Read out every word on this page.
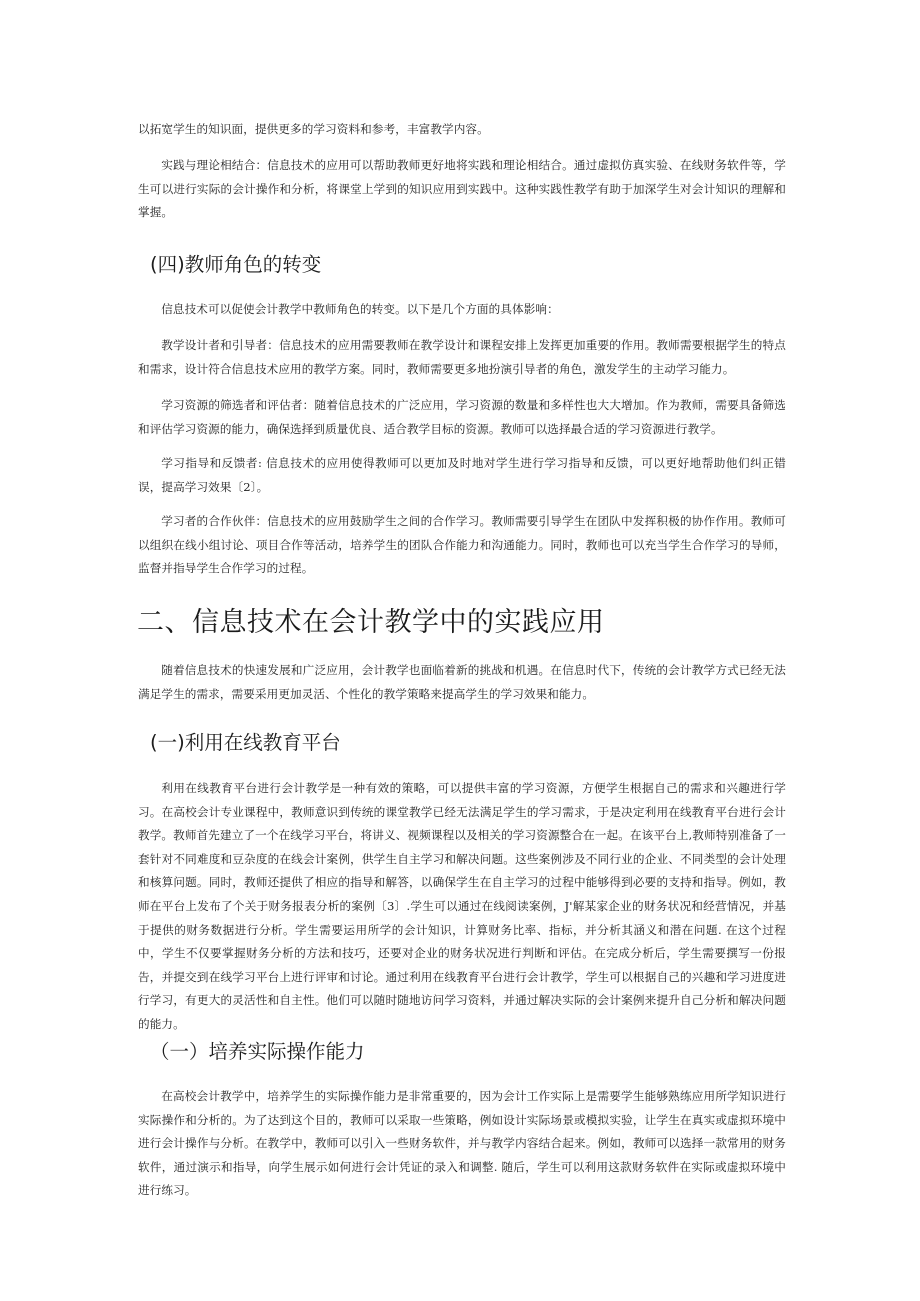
以拓宽学生的知识面，提供更多的学习资料和参考，丰富教学内容。

实践与理论相结合：信息技术的应用可以帮助教师更好地将实践和理论相结合。通过虚拟仿真实验、在线财务软件等，学生可以进行实际的会计操作和分析，将课堂上学到的知识应用到实践中。这种实践性教学有助于加深学生对会计知识的理解和掌握。

(四)教师角色的转变

信息技术可以促使会计教学中教师角色的转变。以下是几个方面的具体影响：

教学设计者和引导者：信息技术的应用需要教师在教学设计和课程安排上发挥更加重要的作用。教师需要根据学生的特点和需求，设计符合信息技术应用的教学方案。同时，教师需要更多地扮演引导者的角色，激发学生的主动学习能力。

学习资源的筛选者和评估者：随着信息技术的广泛应用，学习资源的数量和多样性也大大增加。作为教师，需要具备筛选和评估学习资源的能力，确保选择到质量优良、适合教学目标的资源。教师可以选择最合适的学习资源进行教学。

学习指导和反馈者: 信息技术的应用使得教师可以更加及时地对学生进行学习指导和反馈，可以更好地帮助他们纠正错误，提高学习效果〔2〕。

学习者的合作伙伴：信息技术的应用鼓励学生之间的合作学习。教师需要引导学生在团队中发挥积极的协作作用。教师可以组织在线小组讨论、项目合作等活动，培养学生的团队合作能力和沟通能力。同时，教师也可以充当学生合作学习的导师，监督并指导学生合作学习的过程。

二、信息技术在会计教学中的实践应用

随着信息技术的快速发展和广泛应用，会计教学也面临着新的挑战和机遇。在信息时代下，传统的会计教学方式已经无法满足学生的需求，需要采用更加灵活、个性化的教学策略来提高学生的学习效果和能力。

(一)利用在线教育平台

利用在线教育平台进行会计教学是一种有效的策略，可以提供丰富的学习资源，方便学生根据自己的需求和兴趣进行学习。在高校会计专业课程中，教师意识到传统的课堂教学已经无法满足学生的学习需求，于是决定利用在线教育平台进行会计教学。教师首先建立了一个在线学习平台，将讲义、视频课程以及相关的学习资源整合在一起。在该平台上,教师特别准备了一套针对不同难度和豆杂度的在线会计案例，供学生自主学习和解决问题。这些案例涉及不同行业的企业、不同类型的会计处理和核算问题。同时，教师还提供了相应的指导和解答，以确保学生在自主学习的过程中能够得到必要的支持和指导。例如，教师在平台上发布了个关于财务报表分析的案例〔3〕.学生可以通过在线阅读案例，J'解某家企业的财务状况和经营情况，并基于提供的财务数据进行分析。学生需要运用所学的会计知识，计算财务比率、指标，并分析其涵义和潜在问题. 在这个过程中，学生不仅要掌握财务分析的方法和技巧，还要对企业的财务状况进行判断和评估。在完成分析后，学生需要撰写一份报告，并提交到在线学习平台上进行评审和讨论。通过利用在线教育平台进行会计教学，学生可以根据自己的兴趣和学习进度进行学习，有更大的灵活性和自主性。他们可以随时随地访问学习资料，并通过解决实际的会计案例来提升自己分析和解决问题的能力。

（一）培养实际操作能力

在高校会计教学中，培养学生的实际操作能力是非常重要的，因为会计工作实际上是需要学生能够熟练应用所学知识进行实际操作和分析的。为了达到这个目的，教师可以采取一些策略，例如设计实际场景或模拟实验，让学生在真实或虚拟环境中进行会计操作与分析。在教学中，教师可以引入一些财务软件，并与教学内容结合起来。例如，教师可以选择一款常用的财务软件，通过演示和指导，向学生展示如何进行会计凭证的录入和调整. 随后，学生可以利用这款财务软件在实际或虚拟环境中进行练习。
